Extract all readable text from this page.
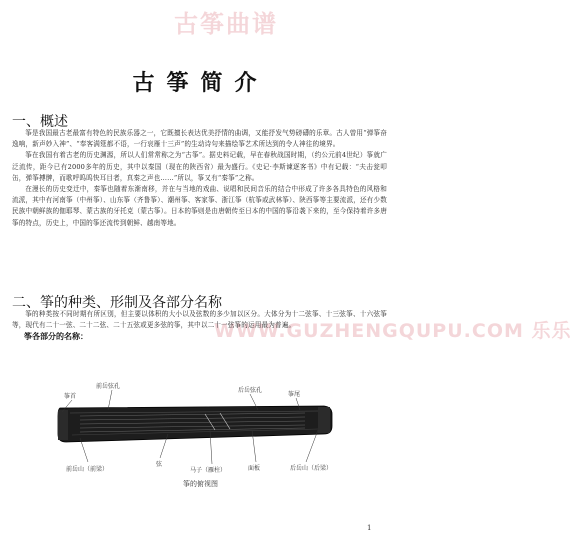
古筝曲谱
古筝简介
一、概述

筝是我国最古老最富有特色的民族乐器之一，它既擅长表达优美抒情的曲调，又能抒发气势磅礴的乐章。古人曾用“弹筝奋逸响，新声妙入神”、“奉客满筵都不语，一行哀雁十三声”的生动诗句来描绘筝艺术所达到的令人神往的境界。

筝在我国有着古老的历史渊源，所以人们常常称之为“古筝”。据史料记载，早在春秋战国时期，（约公元前4世纪）筝就广泛流传，距今已有2000多年的历史，其中以秦国（现在的陕西省）最为盛行。《史记·李斯谏逐客书》中有记载：“夫击瓮叩缶，弹筝搏髀，而歌呼呜呜快耳目者，真秦之声也……”所以，筝又有“秦筝”之称。

在漫长的历史变迁中，秦筝也随着东渐南移，并在与当地的戏曲、说唱和民间音乐的结合中形成了许多各具特色的风格和流派，其中有河南筝（中州筝）、山东筝（齐鲁筝）、潮州筝、客家筝、浙江筝（杭筝或武林筝）、陕西筝等主要流派，还有少数民族中朝鲜族的伽耶琴、蒙古族的牙托克（蒙古筝）。日本的筝则是由唐朝传至日本的中国的筝沿袭下来的，至今保持着许多唐筝的特点，历史上，中国的筝还流传到朝鲜、越南等地。

二、筝的种类、形制及各部分名称
WWW.GUZHENGQUPU.COM 乐乐

筝的种类按不同时期有所区别，但主要以体积的大小以及弦数的多少加以区分。大体分为十二弦筝、十三弦筝、十六弦筝等，现代有二十一弦、二十二弦、二十五弦或更多弦的筝，其中以二十一弦筝的运用最为普遍。

筝各部分的名称：
筝首
前岳弦孔
后岳弦孔
筝尾
前岳山（前梁）
弦
马子（雁柱）	面板	后岳山（后梁）
筝的俯视图
1
